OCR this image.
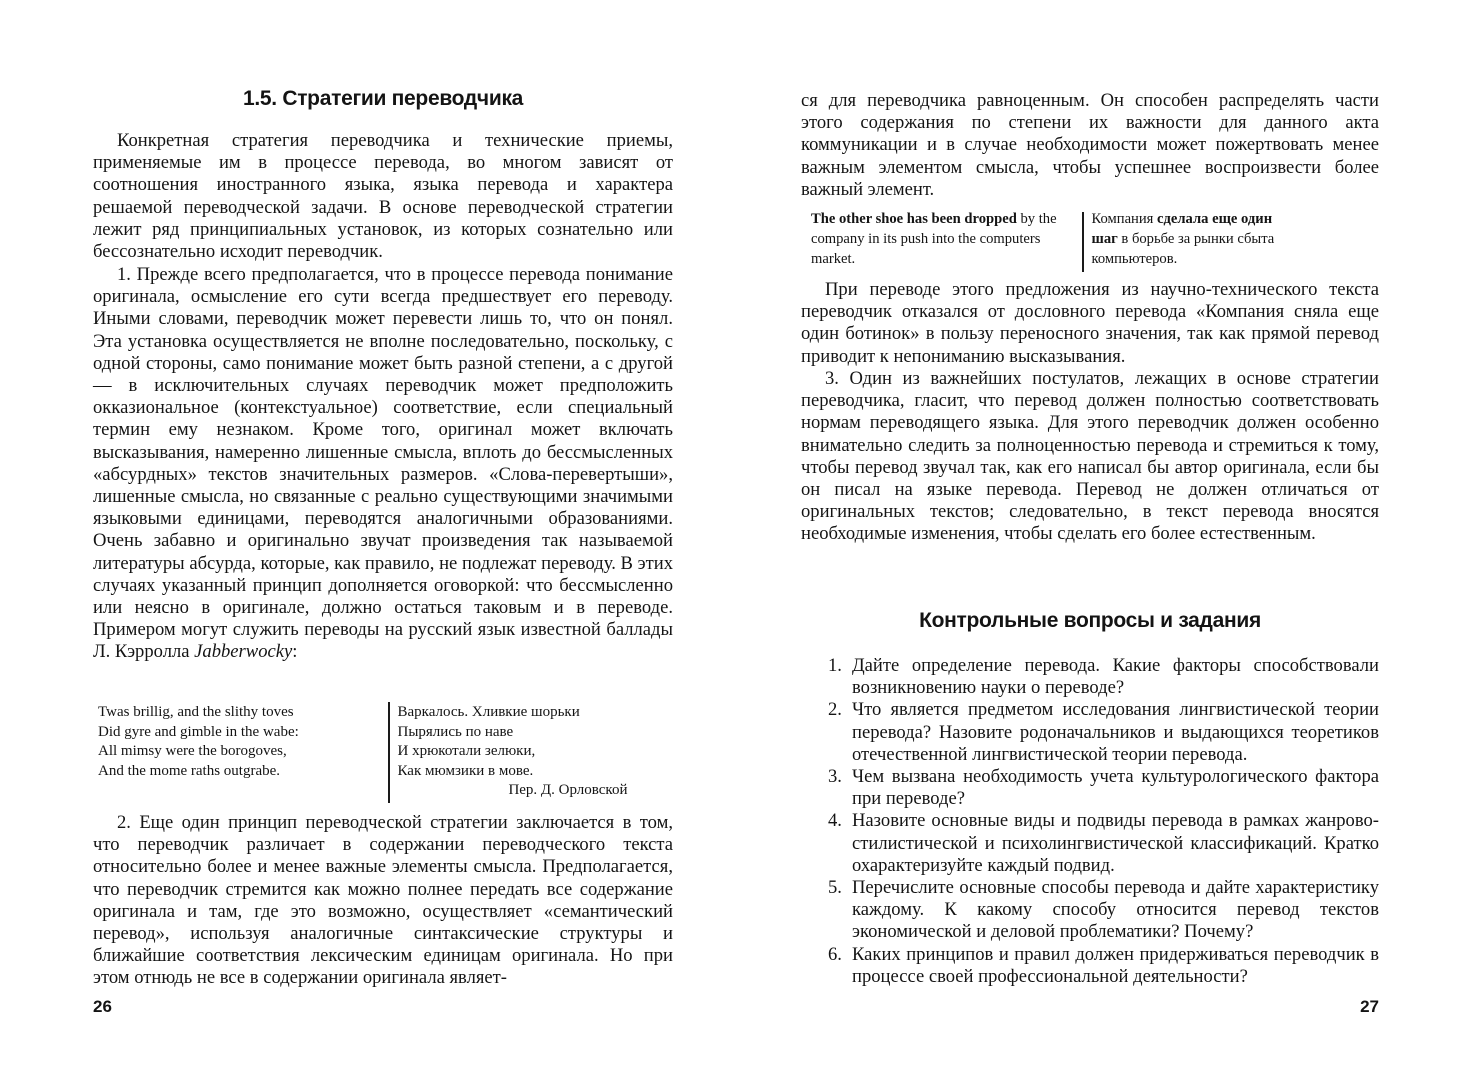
1.5. Стратегии переводчика

Конкретная стратегия переводчика и технические приемы, применяемые им в процессе перевода, во многом зависят от соотношения иностранного языка, языка перевода и характера решаемой переводческой задачи. В основе переводческой стратегии лежит ряд принципиальных установок, из которых сознательно или бессознательно исходит переводчик.

1. Прежде всего предполагается, что в процессе перевода понимание оригинала, осмысление его сути всегда предшествует его переводу. Иными словами, переводчик может перевести лишь то, что он понял. Эта установка осуществляется не вполне последовательно, поскольку, с одной стороны, само понимание может быть разной степени, а с другой — в исключительных случаях переводчик может предположить окказиональное (контекстуальное) соответствие, если специальный термин ему незнаком. Кроме того, оригинал может включать высказывания, намеренно лишенные смысла, вплоть до бессмысленных «абсурдных» текстов значительных размеров. «Слова-перевертыши», лишенные смысла, но связанные с реально существующими значимыми языковыми единицами, переводятся аналогичными образованиями. Очень забавно и оригинально звучат произведения так называемой литературы абсурда, которые, как правило, не подлежат переводу. В этих случаях указанный принцип дополняется оговоркой: что бессмысленно или неясно в оригинале, должно остаться таковым и в переводе. Примером могут служить переводы на русский язык известной баллады Л. Кэрролла Jabberwocky:

Twas brillig, and the slithy toves
Did gyre and gimble in the wabe:
All mimsy were the borogoves,
And the mome raths outgrabe.
Варкалось. Хливкие шорьки
Пырялись по наве
И хрюкотали зелюки,
Как мюмзики в мове.
Пер. Д. Орловской

2. Еще один принцип переводческой стратегии заключается в том, что переводчик различает в содержании переводческого текста относительно более и менее важные элементы смысла. Предполагается, что переводчик стремится как можно полнее передать все содержание оригинала и там, где это возможно, осуществляет «семантический перевод», используя аналогичные синтаксические структуры и ближайшие соответствия лексическим единицам оригинала. Но при этом отнюдь не все в содержании оригинала являет-

26

ся для переводчика равноценным. Он способен распределять части этого содержания по степени их важности для данного акта коммуникации и в случае необходимости может пожертвовать менее важным элементом смысла, чтобы успешнее воспроизвести более важный элемент.

The other shoe has been dropped by the company in its push into the computers market.
Компания сделала еще один
шаг в борьбе за рынки сбыта компьютеров.

При переводе этого предложения из научно-технического текста переводчик отказался от дословного перевода «Компания сняла еще один ботинок» в пользу переносного значения, так как прямой перевод приводит к непониманию высказывания.

3. Один из важнейших постулатов, лежащих в основе стратегии переводчика, гласит, что перевод должен полностью соответствовать нормам переводящего языка. Для этого переводчик должен особенно внимательно следить за полноценностью перевода и стремиться к тому, чтобы перевод звучал так, как его написал бы автор оригинала, если бы он писал на языке перевода. Перевод не должен отличаться от оригинальных текстов; следовательно, в текст перевода вносятся необходимые изменения, чтобы сделать его более естественным.

Контрольные вопросы и задания
1. Дайте определение перевода. Какие факторы способствовали возникновению науки о переводе?
2. Что является предметом исследования лингвистической теории перевода? Назовите родоначальников и выдающихся теоретиков отечественной лингвистической теории перевода.
3. Чем вызвана необходимость учета культурологического фактора при переводе?
4. Назовите основные виды и подвиды перевода в рамках жанрово-стилистической и психолингвистической классификаций. Кратко охарактеризуйте каждый подвид.
5. Перечислите основные способы перевода и дайте характеристику каждому. К какому способу относится перевод текстов экономической и деловой проблематики? Почему?
6. Каких принципов и правил должен придерживаться переводчик в процессе своей профессиональной деятельности?
27
